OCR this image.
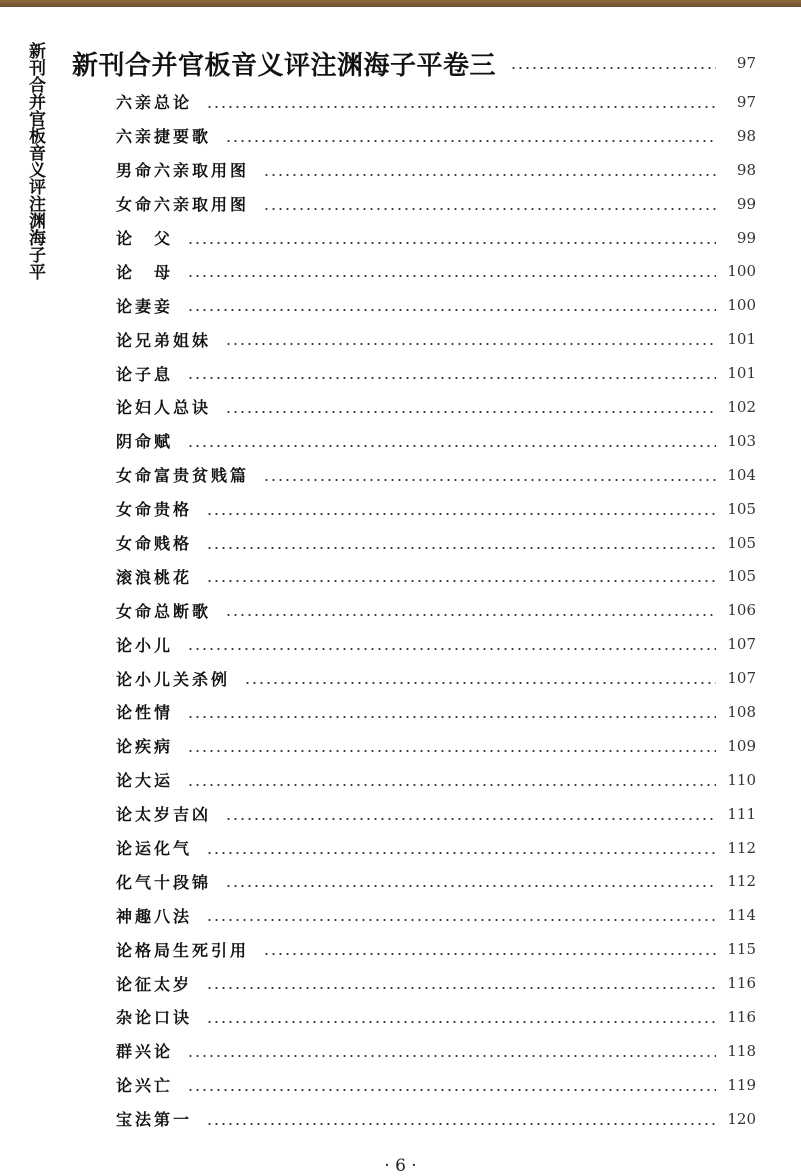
新刊合并官板音义评注渊海子平 新刊合并官板音义评注渊海子平卷三	97
六亲总论	97
六亲捷要歌	98
男命六亲取用图	98
女命六亲取用图	99
论　父	99
论　母	100
论妻妾	100
论兄弟姐妹	101
论子息	101
论妇人总诀	102
阴命赋	103
女命富贵贫贱篇	104
女命贵格	105
女命贱格	105
滚浪桃花	105
女命总断歌	106
论小儿	107
论小儿关杀例	107
论性情	108
论疾病	109
论大运	110
论太岁吉凶	111
论运化气	112
化气十段锦	112
神趣八法	114
论格局生死引用	115
论征太岁	116
杂论口诀	116
群兴论	118
论兴亡	119
宝法第一	120
· 6 ·
